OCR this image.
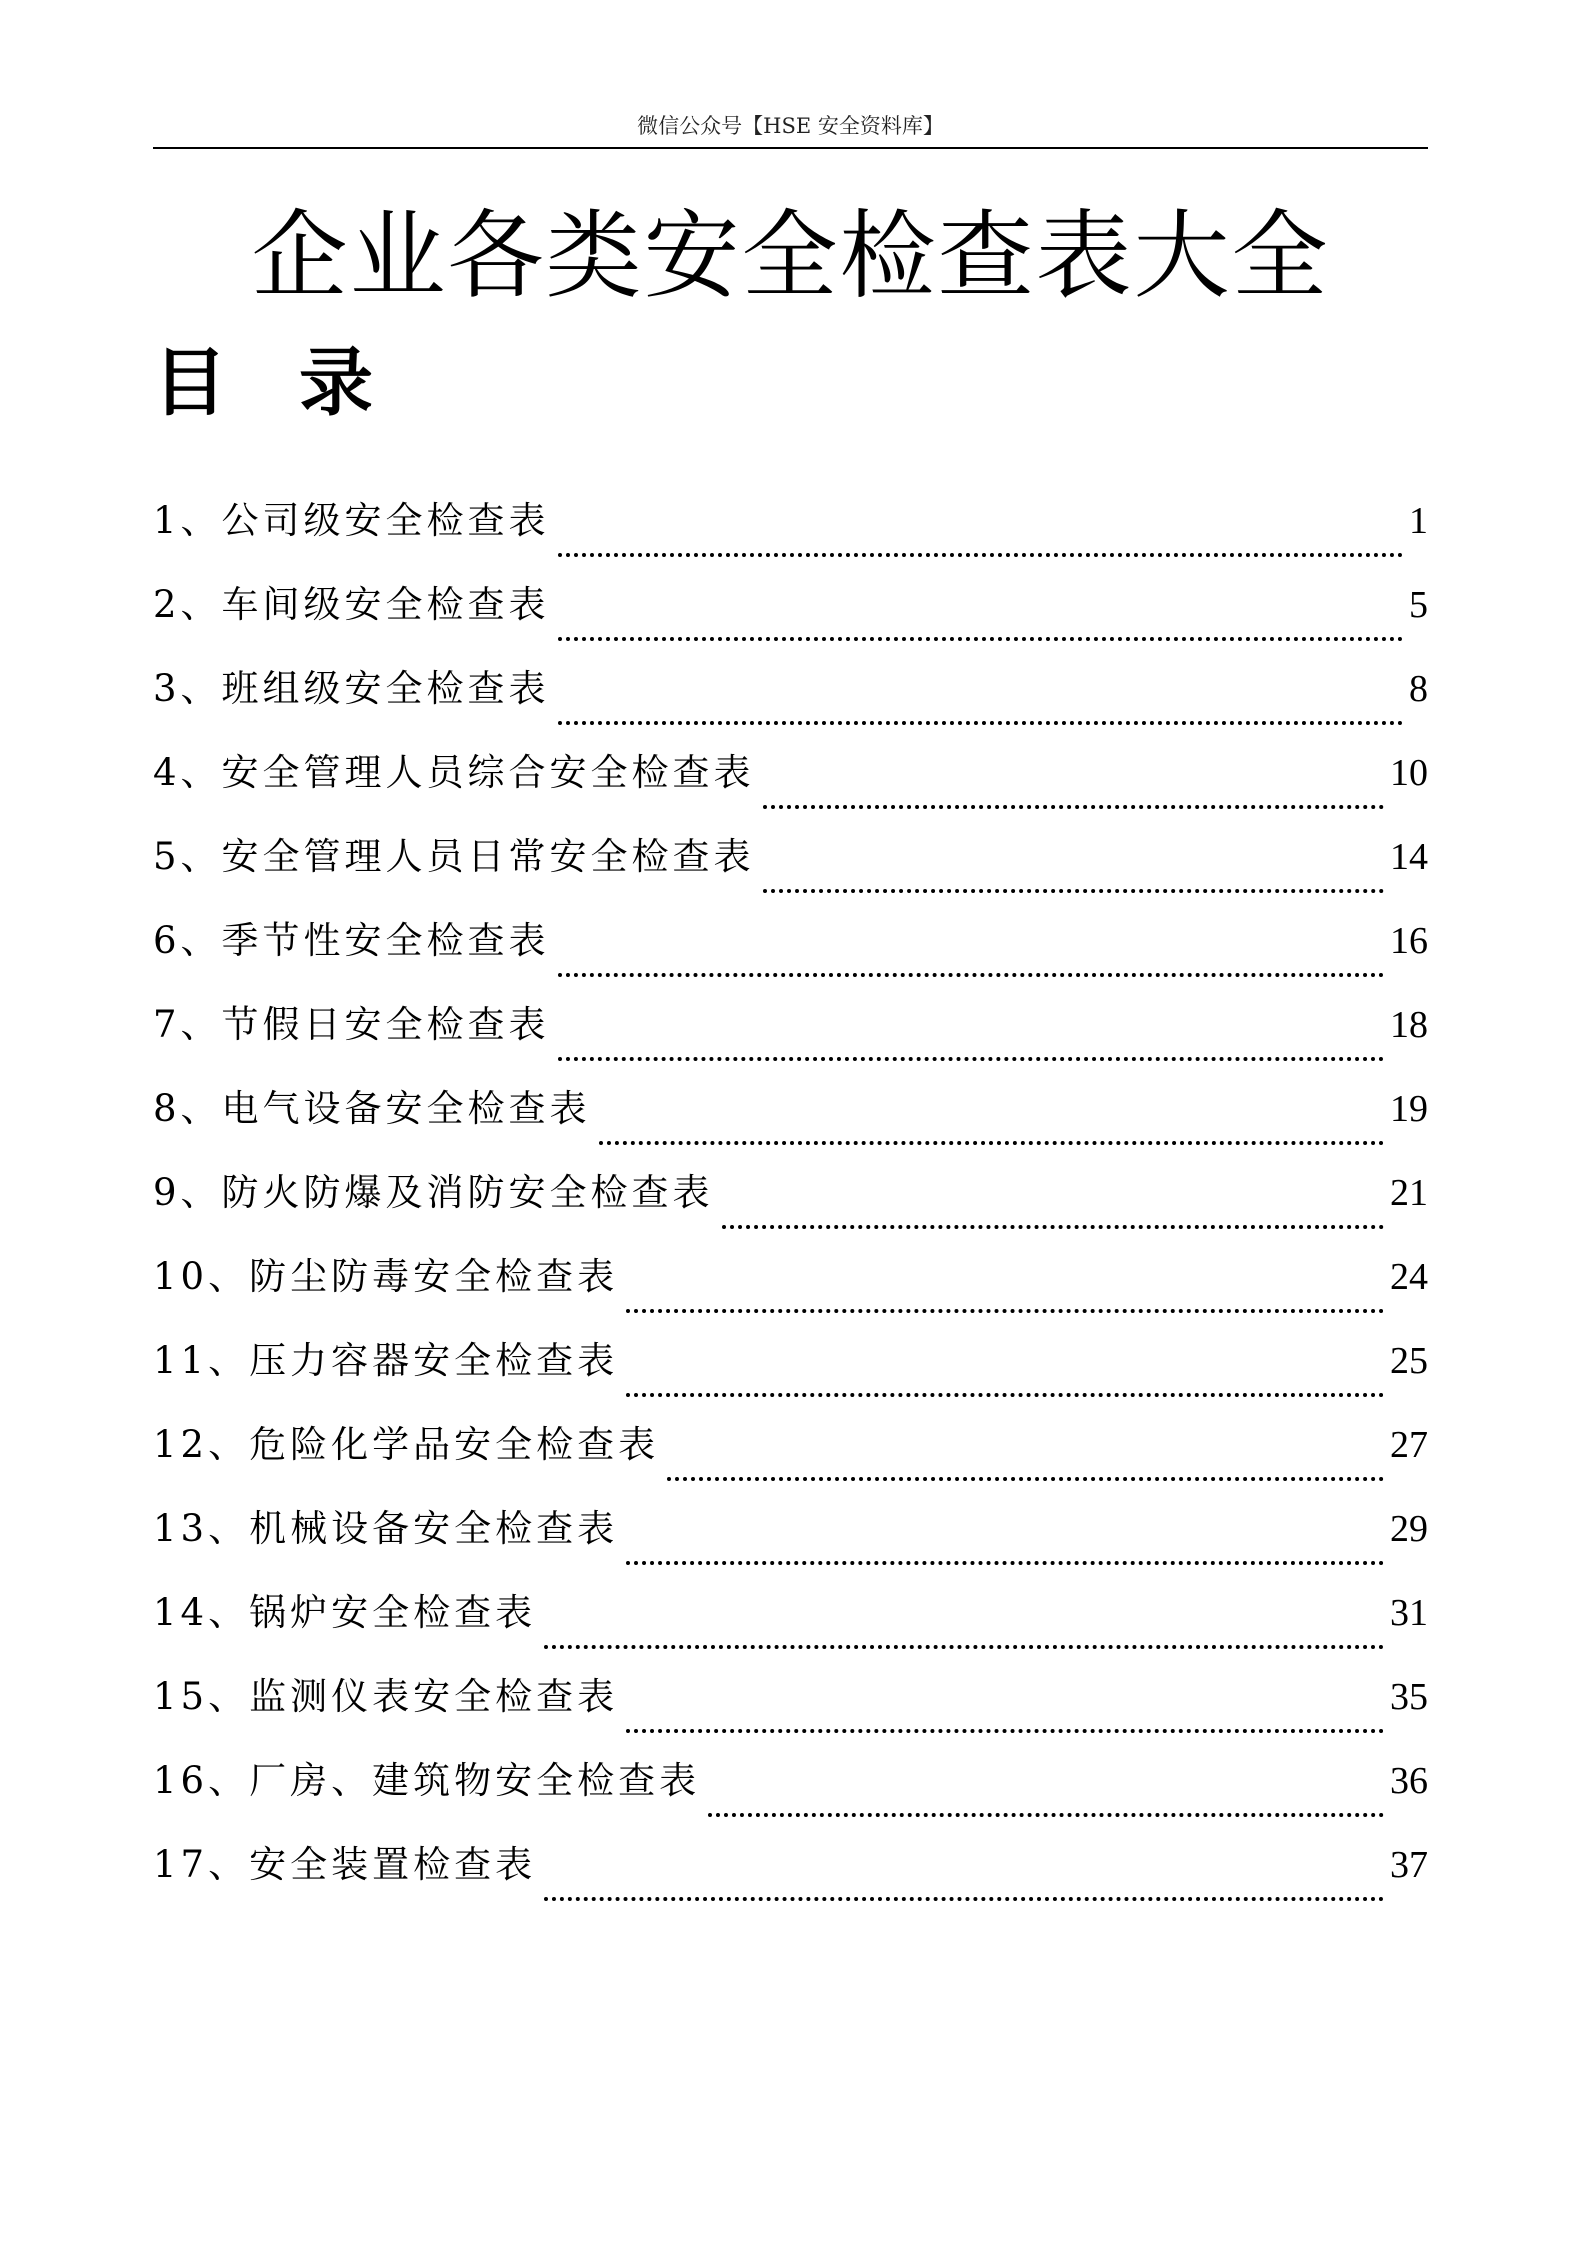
微信公众号【HSE 安全资料库】
企业各类安全检查表大全
目录
1、公司级安全检查表	1
2、车间级安全检查表	5
3、班组级安全检查表	8
4、安全管理人员综合安全检查表	10
5、安全管理人员日常安全检查表	14
6、季节性安全检查表	16
7、节假日安全检查表	18
8、电气设备安全检查表	19
9、防火防爆及消防安全检查表	21
10、防尘防毒安全检查表	24
11、压力容器安全检查表	25
12、危险化学品安全检查表	27
13、机械设备安全检查表	29
14、锅炉安全检查表	31
15、监测仪表安全检查表	35
16、厂房、建筑物安全检查表	36
17、安全装置检查表	37
